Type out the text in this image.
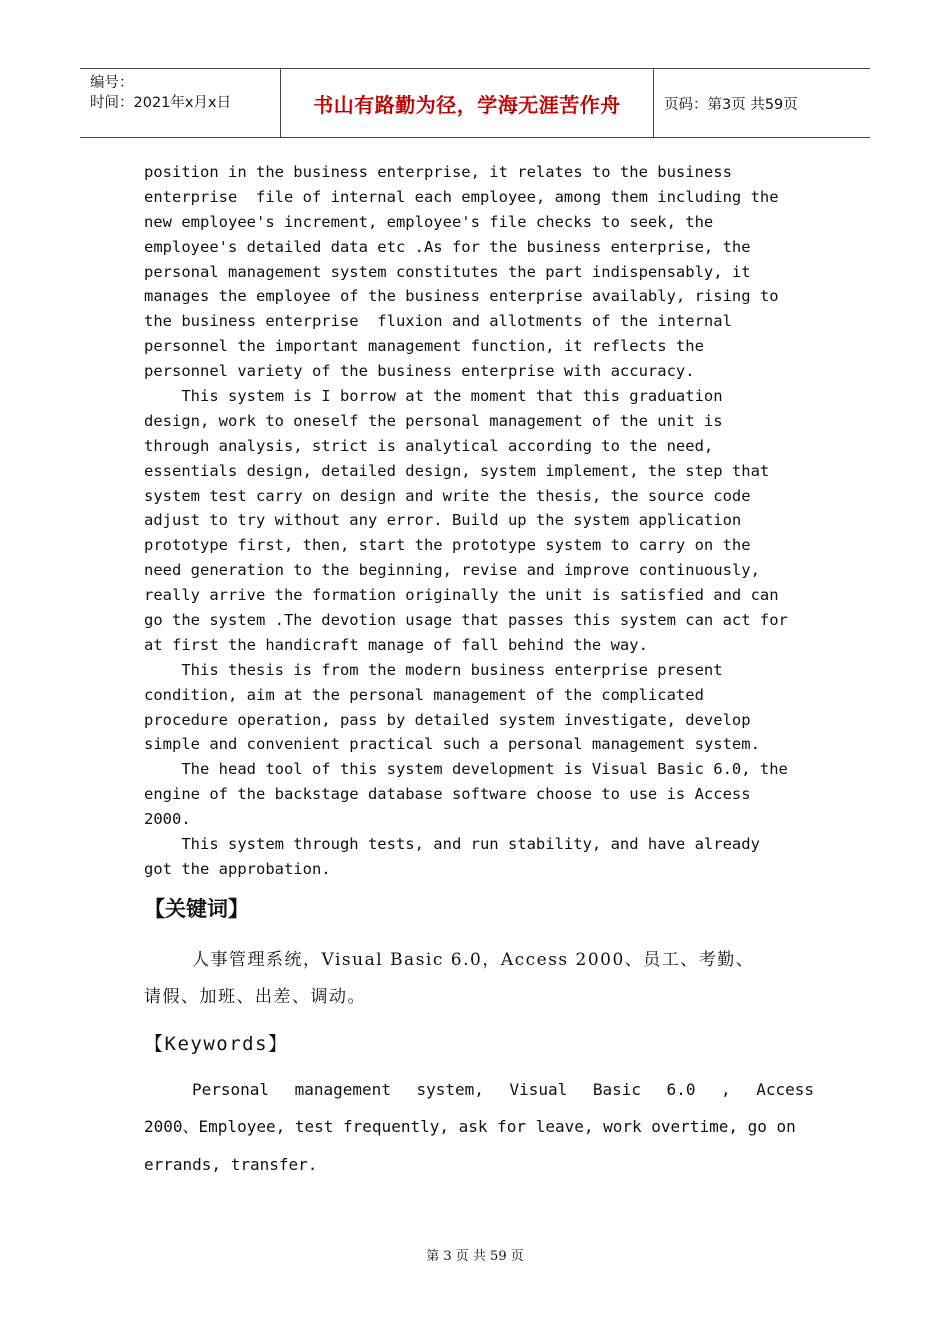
编号：
时间：2021年x月x日	书山有路勤为径，学海无涯苦作舟	页码：第3页 共59页
position in the business enterprise, it relates to the business
enterprise  file of internal each employee, among them including the
new employee's increment, employee's file checks to seek, the
employee's detailed data etc .As for the business enterprise, the
personal management system constitutes the part indispensably, it
manages the employee of the business enterprise availably, rising to
the business enterprise  fluxion and allotments of the internal
personnel the important management function, it reflects the
personnel variety of the business enterprise with accuracy.
This system is I borrow at the moment that this graduation
design, work to oneself the personal management of the unit is
through analysis, strict is analytical according to the need,
essentials design, detailed design, system implement, the step that
system test carry on design and write the thesis, the source code
adjust to try without any error. Build up the system application
prototype first, then, start the prototype system to carry on the
need generation to the beginning, revise and improve continuously,
really arrive the formation originally the unit is satisfied and can
go the system .The devotion usage that passes this system can act for
at first the handicraft manage of fall behind the way.
This thesis is from the modern business enterprise present
condition, aim at the personal management of the complicated
procedure operation, pass by detailed system investigate, develop
simple and convenient practical such a personal management system.
The head tool of this system development is Visual Basic 6.0, the
engine of the backstage database software choose to use is Access
2000.
This system through tests, and run stability, and have already
got the approbation.
【关键词】
人事管理系统，Visual Basic 6.0，Access 2000、员工、考勤、
请假、加班、出差、调动。
【Keywords】
Personal management system, Visual Basic 6.0 , Access
2000、Employee, test frequently, ask for leave, work overtime, go on
errands, transfer.
第 3 页 共 59 页
